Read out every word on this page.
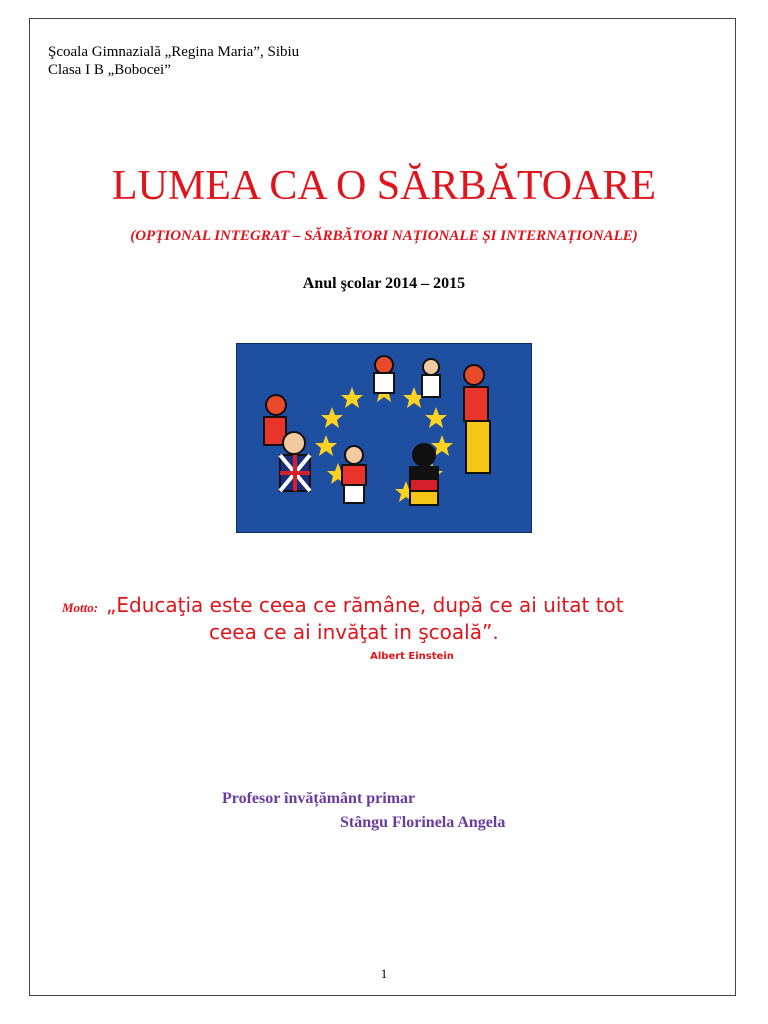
Şcoala Gimnazială „Regina Maria”, Sibiu
Clasa I B „Bobocei”
LUMEA CA O SĂRBĂTOARE
(OPŢIONAL INTEGRAT – SĂRBĂTORI NAȚIONALE ȘI INTERNAȚIONALE)
Anul şcolar 2014 – 2015
Motto: „Educaţia este ceea ce rămâne, după ce ai uitat tot
ceea ce ai invăţat in şcoală”.
Albert Einstein
Profesor învățământ primar
Stângu Florinela Angela
1
